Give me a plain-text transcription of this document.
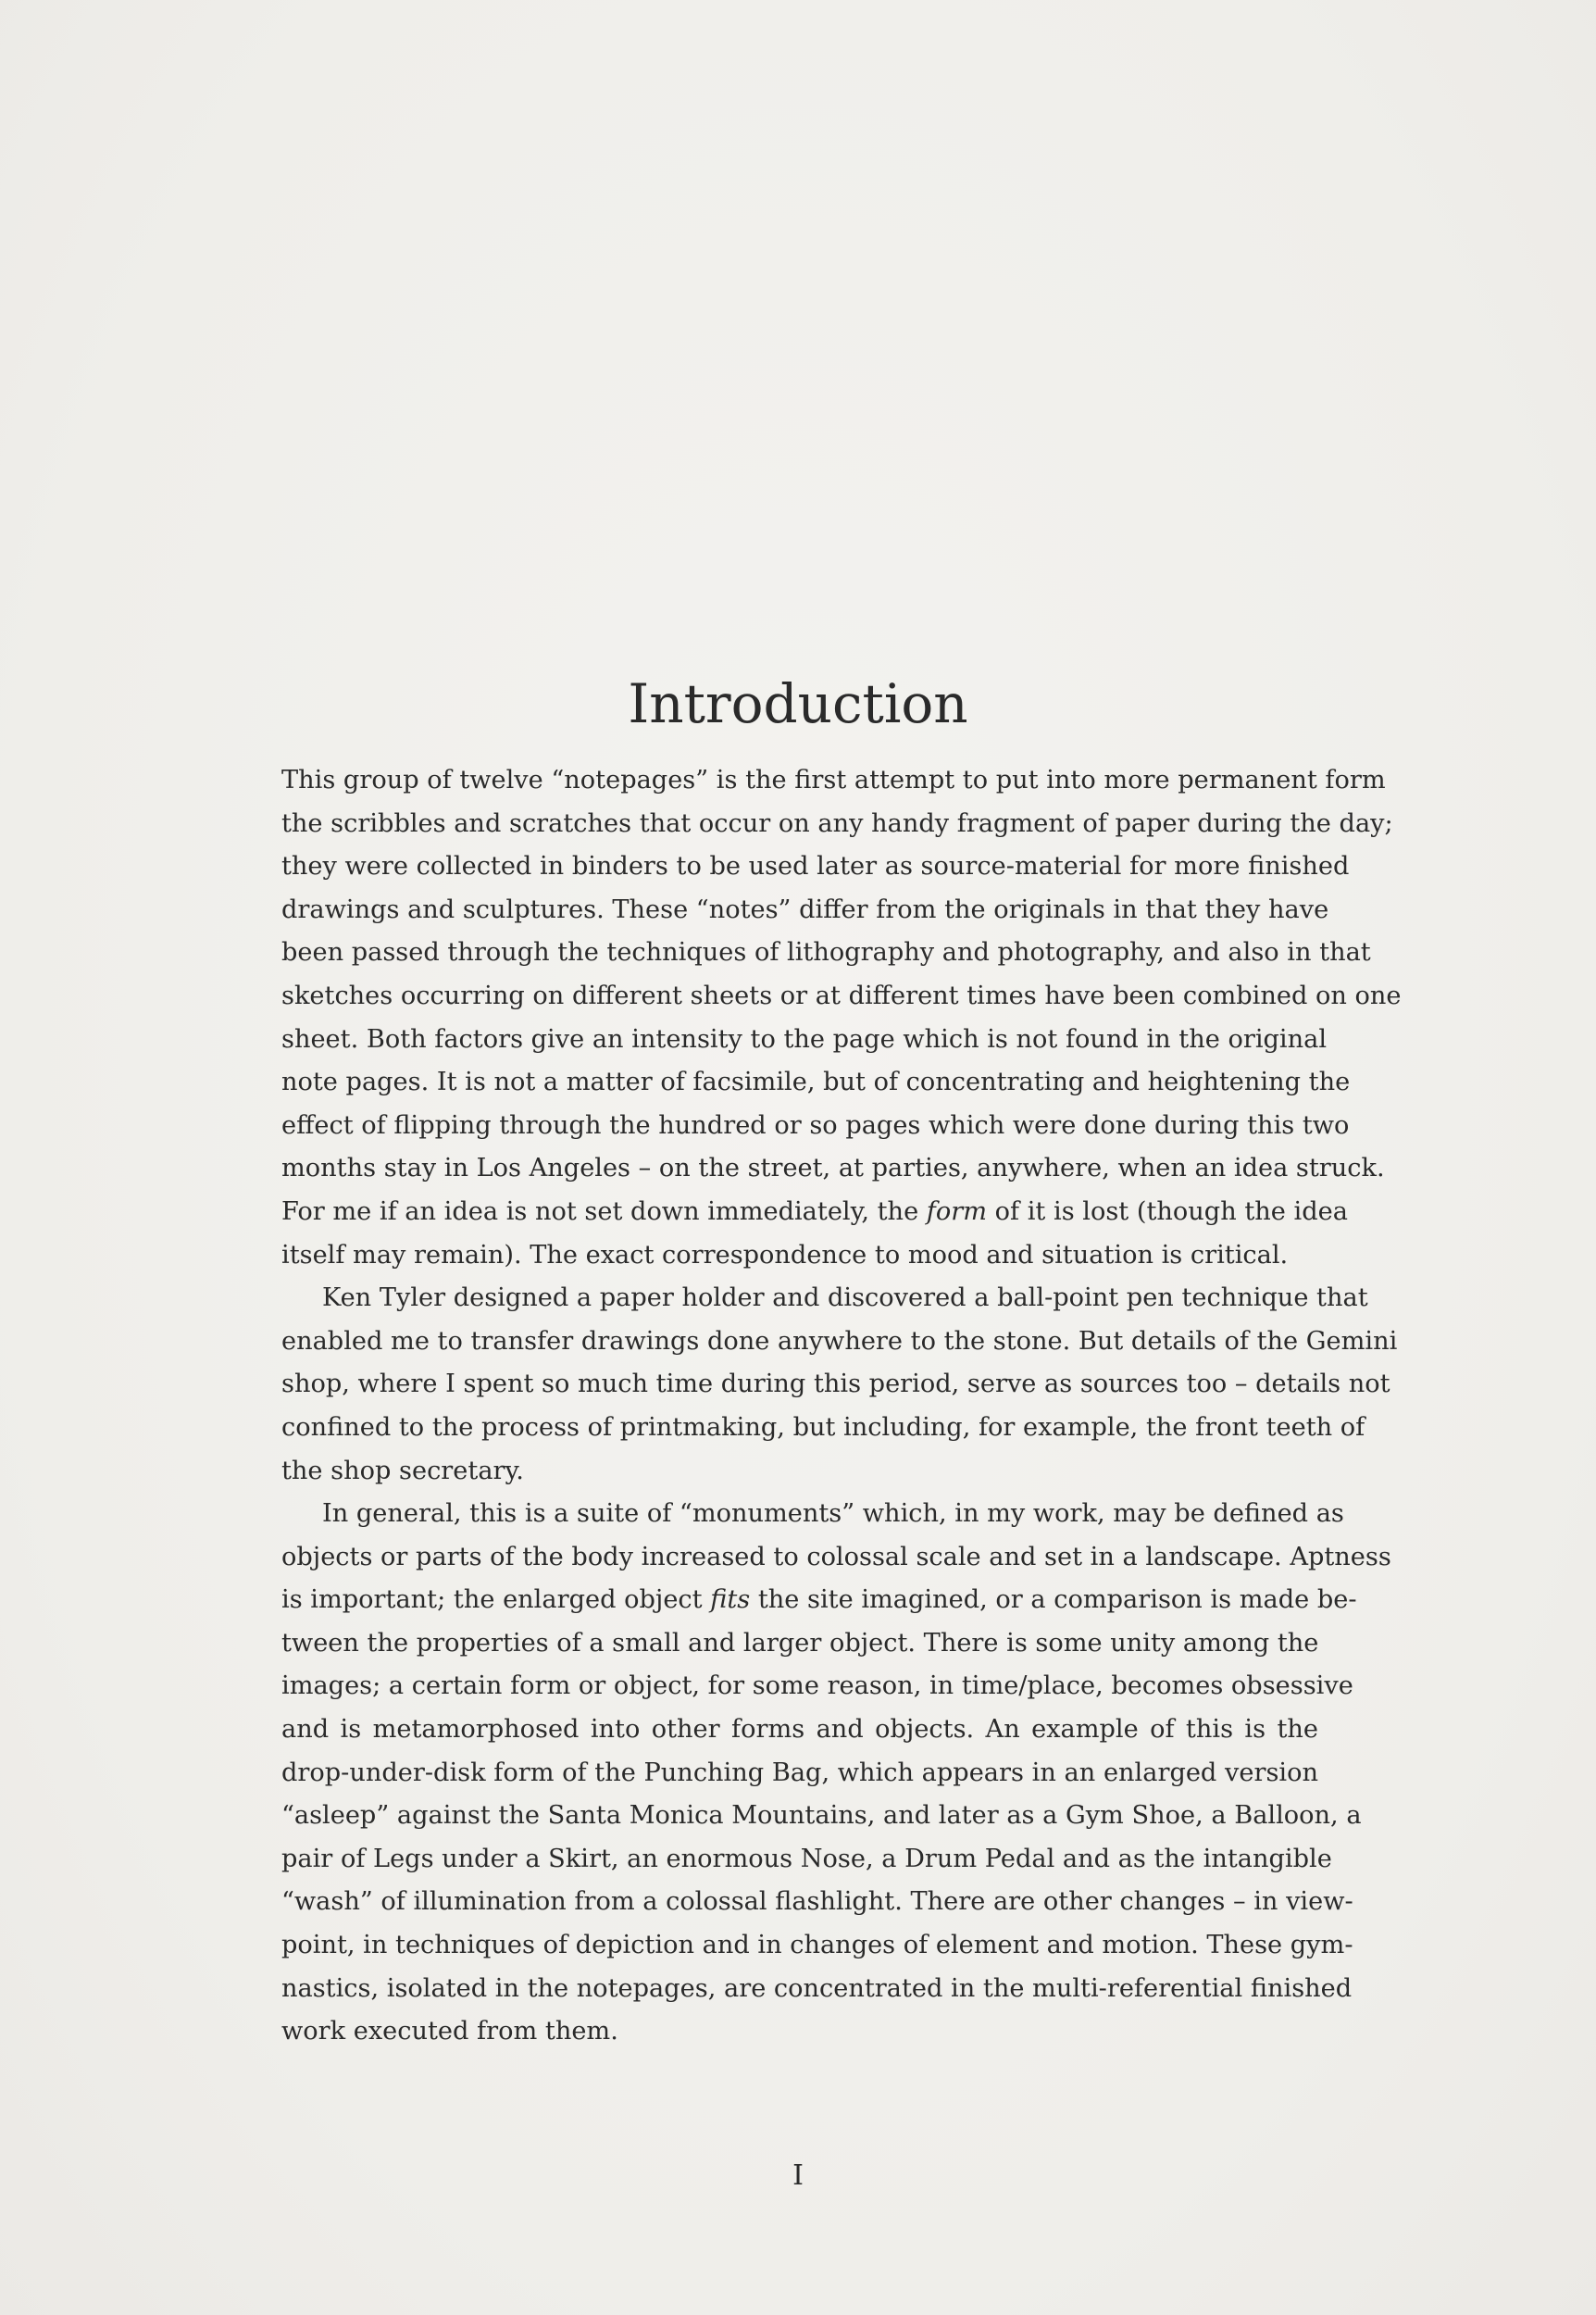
Introduction
This group of twelve “notepages” is the first attempt to put into more permanent form
the scribbles and scratches that occur on any handy fragment of paper during the day;
they were collected in binders to be used later as source-material for more finished
drawings and sculptures. These “notes” differ from the originals in that they have
been passed through the techniques of lithography and photography, and also in that
sketches occurring on different sheets or at different times have been combined on one
sheet. Both factors give an intensity to the page which is not found in the original
note pages. It is not a matter of facsimile, but of concentrating and heightening the
effect of flipping through the hundred or so pages which were done during this two
months stay in Los Angeles – on the street, at parties, anywhere, when an idea struck.
For me if an idea is not set down immediately, the form of it is lost (though the idea
itself may remain). The exact correspondence to mood and situation is critical.
Ken Tyler designed a paper holder and discovered a ball-point pen technique that
enabled me to transfer drawings done anywhere to the stone. But details of the Gemini
shop, where I spent so much time during this period, serve as sources too – details not
confined to the process of printmaking, but including, for example, the front teeth of
the shop secretary.
In general, this is a suite of “monuments” which, in my work, may be defined as
objects or parts of the body increased to colossal scale and set in a landscape. Aptness
is important; the enlarged object fits the site imagined, or a comparison is made be-
tween the properties of a small and larger object. There is some unity among the
images; a certain form or object, for some reason, in time/place, becomes obsessive
and is metamorphosed into other forms and objects. An example of this is the
drop-under-disk form of the Punching Bag, which appears in an enlarged version
“asleep” against the Santa Monica Mountains, and later as a Gym Shoe, a Balloon, a
pair of Legs under a Skirt, an enormous Nose, a Drum Pedal and as the intangible
“wash” of illumination from a colossal flashlight. There are other changes – in view-
point, in techniques of depiction and in changes of element and motion. These gym-
nastics, isolated in the notepages, are concentrated in the multi-referential finished
work executed from them.
I
